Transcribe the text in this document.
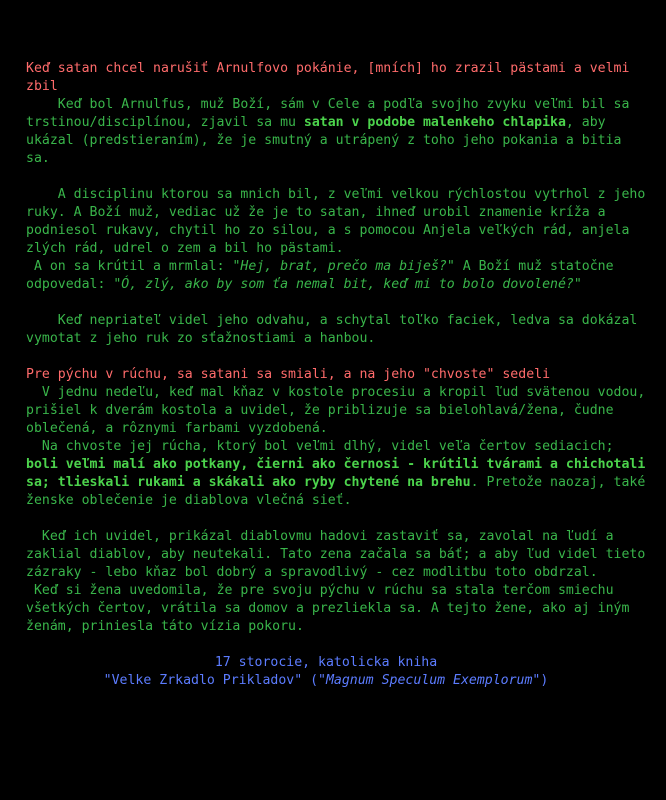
Keď satan chcel narušiť Arnulfovo pokánie, [mních] ho zrazil pästami a velmi zbil

Keď bol Arnulfus, muž Boží, sám v Cele a podľa svojho zvyku veľmi bil sa trstinou/disciplínou, zjavil sa mu satan v podobe malenkeho chlapika, aby ukázal (predstieraním), že je smutný a utrápený z toho jeho pokania a bitia sa.

A disciplinu ktorou sa mnich bil, z veľmi velkou rýchlostou vytrhol z jeho ruky. A Boží muž, vediac už že je to satan, ihneď urobil znamenie kríža a podniesol rukavy, chytil ho zo silou, a s pomocou Anjela veľkých rád, anjela zlých rád, udrel o zem a bil ho pästami.

A on sa krútil a mrmlal: "Hej, brat, prečo ma biješ?" A Boží muž statočne odpovedal: "Ó, zlý, ako by som ťa nemal bit, keď mi to bolo dovolené?"

Keď nepriateľ videl jeho odvahu, a schytal toľko faciek, ledva sa dokázal vymotat z jeho ruk zo sťažnostiami a hanbou.

Pre pýchu v rúchu, sa satani sa smiali, a na jeho "chvoste" sedeli

V jednu nedeľu, keď mal kňaz v kostole procesiu a kropil ľud svätenou vodou, prišiel k dverám kostola a uvidel, že priblizuje sa bielohlavá/žena, čudne oblečená, a rôznymi farbami vyzdobená.

Na chvoste jej rúcha, ktorý bol veľmi dlhý, videl veľa čertov sediacich; boli veľmi malí ako potkany, čierni ako černosi - krútili tvárami a chichotali sa; tlieskali rukami a skákali ako ryby chytené na brehu. Pretože naozaj, také ženske oblečenie je diablova vlečná sieť.

Keď ich uvidel, prikázal diablovmu hadovi zastaviť sa, zavolal na ľudí a zaklial diablov, aby neutekali. Tato zena začala sa báť; a aby ľud videl tieto zázraky - lebo kňaz bol dobrý a spravodlivý - cez modlitbu toto obdrzal.

Keď si žena uvedomila, že pre svoju pýchu v rúchu sa stala terčom smiechu všetkých čertov, vrátila sa domov a prezliekla sa. A tejto žene, ako aj iným ženám, priniesla táto vízia pokoru.

17 storocie, katolicka kniha

"Velke Zrkadlo Prikladov" ("Magnum Speculum Exemplorum")
